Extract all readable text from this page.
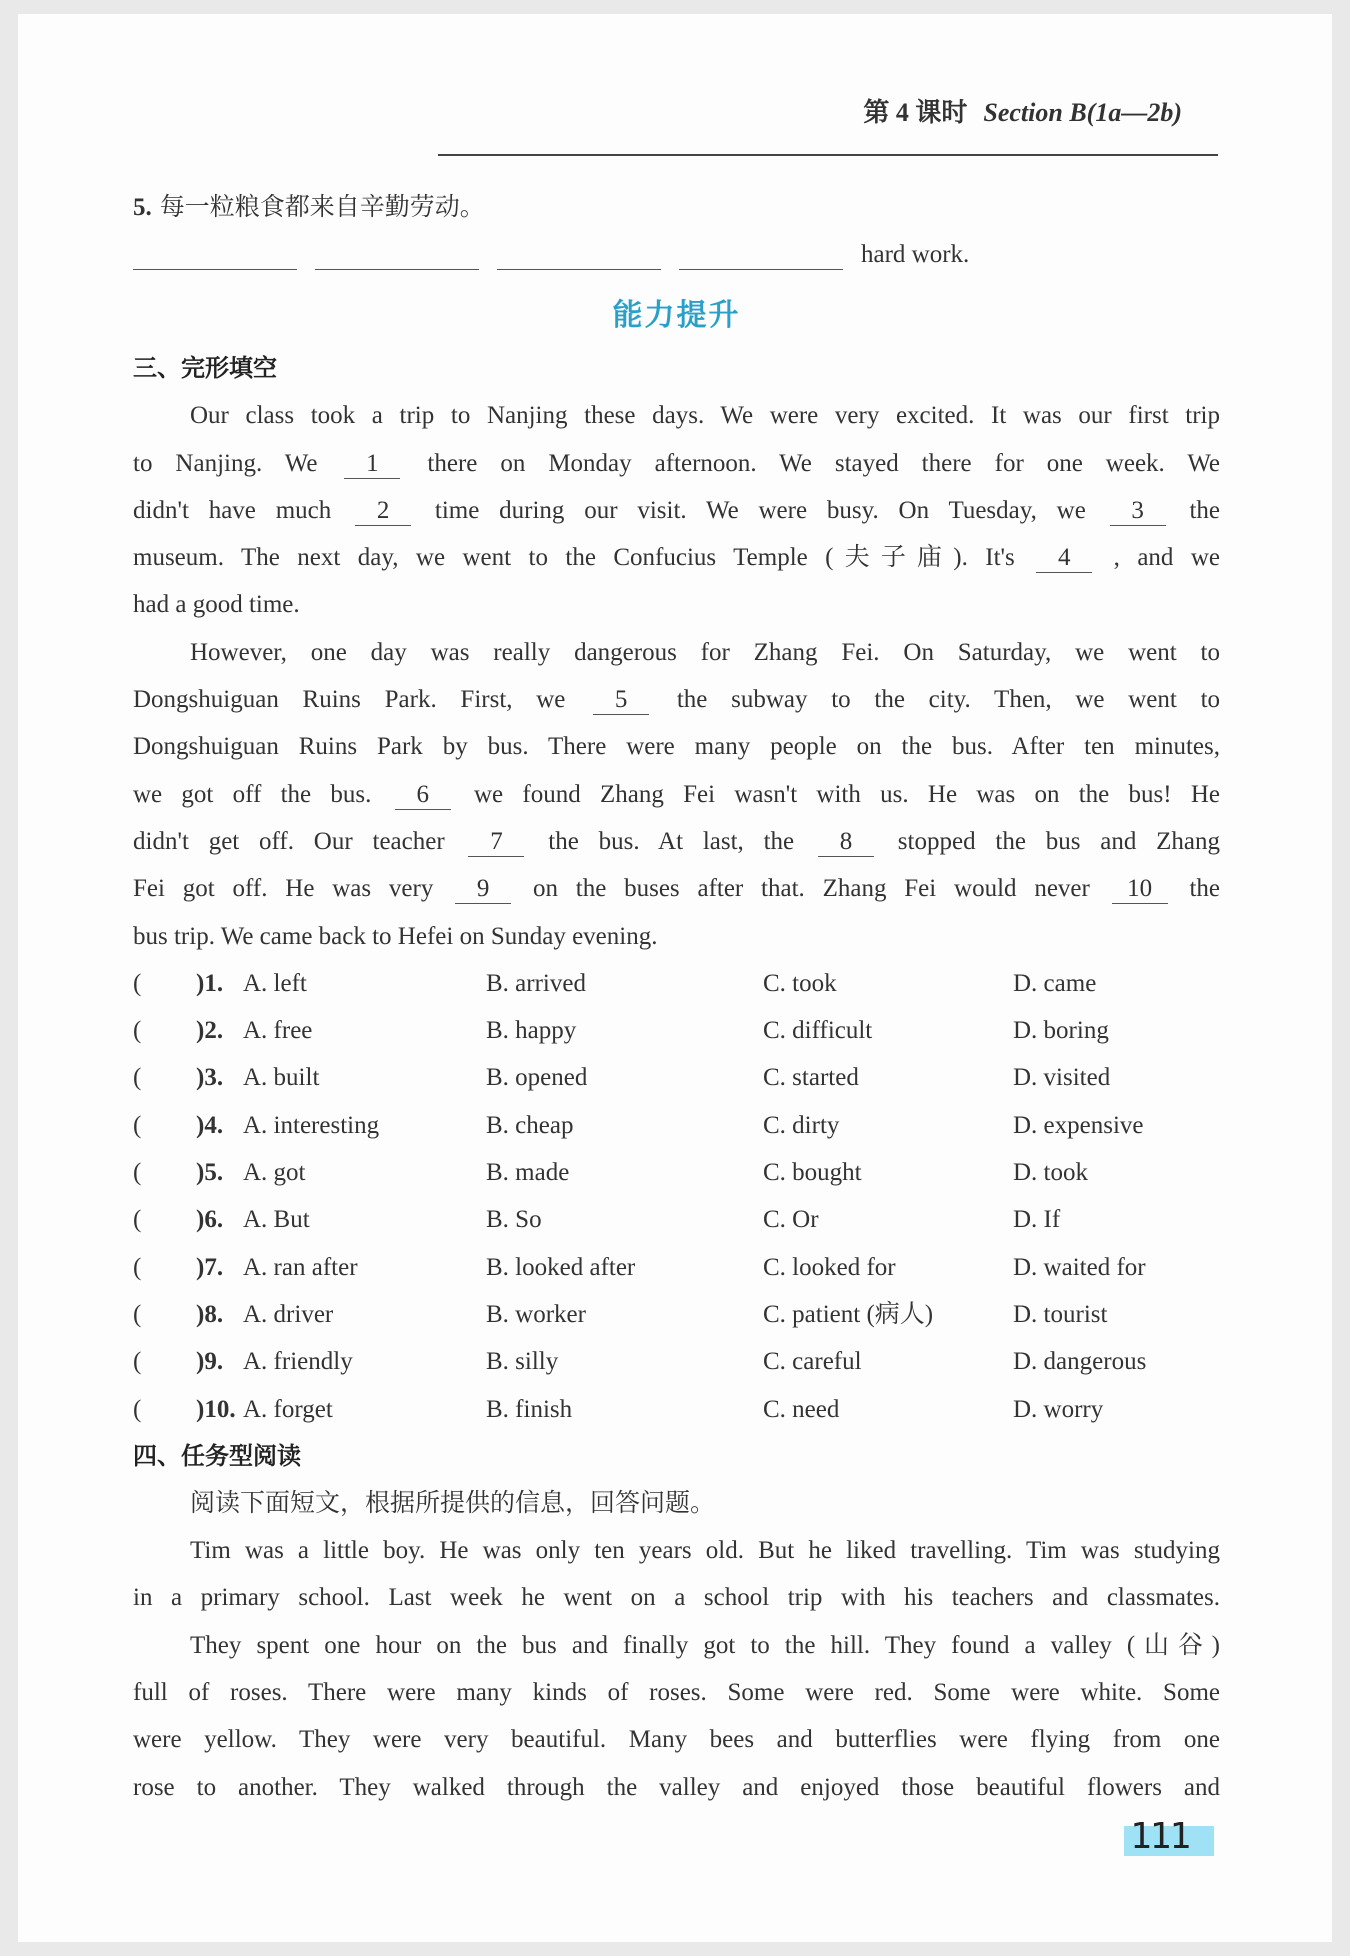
第 4 课时 Section B(1a—2b)
5. 每一粒粮食都来自辛勤劳动。
hard work.
能力提升
三、完形填空
Our class took a trip to Nanjing these days. We were very excited. It was our first trip
to Nanjing. We 1 there on Monday afternoon. We stayed there for one week. We
didn't have much 2 time during our visit. We were busy. On Tuesday, we 3 the
museum. The next day, we went to the Confucius Temple (夫子庙). It's 4 , and we
had a good time.
However, one day was really dangerous for Zhang Fei. On Saturday, we went to
Dongshuiguan Ruins Park. First, we 5 the subway to the city. Then, we went to
Dongshuiguan Ruins Park by bus. There were many people on the bus. After ten minutes,
we got off the bus. 6 we found Zhang Fei wasn't with us. He was on the bus! He
didn't get off. Our teacher 7 the bus. At last, the 8 stopped the bus and Zhang
Fei got off. He was very 9 on the buses after that. Zhang Fei would never 10 the
bus trip. We came back to Hefei on Sunday evening.
( )1. A. left	B. arrived	C. took	D. came
( )2. A. free	B. happy	C. difficult	D. boring
( )3. A. built	B. opened	C. started	D. visited
( )4. A. interesting	B. cheap	C. dirty	D. expensive
( )5. A. got	B. made	C. bought	D. took
( )6. A. But	B. So	C. Or	D. If
( )7. A. ran after	B. looked after	C. looked for	D. waited for
( )8. A. driver	B. worker	C. patient (病人)	D. tourist
( )9. A. friendly	B. silly	C. careful	D. dangerous
( )10. A. forget	B. finish	C. need	D. worry
四、任务型阅读
阅读下面短文，根据所提供的信息，回答问题。
Tim was a little boy. He was only ten years old. But he liked travelling. Tim was studying
in a primary school. Last week he went on a school trip with his teachers and classmates.
They spent one hour on the bus and finally got to the hill. They found a valley (山谷)
full of roses. There were many kinds of roses. Some were red. Some were white. Some
were yellow. They were very beautiful. Many bees and butterflies were flying from one
rose to another. They walked through the valley and enjoyed those beautiful flowers and
111
